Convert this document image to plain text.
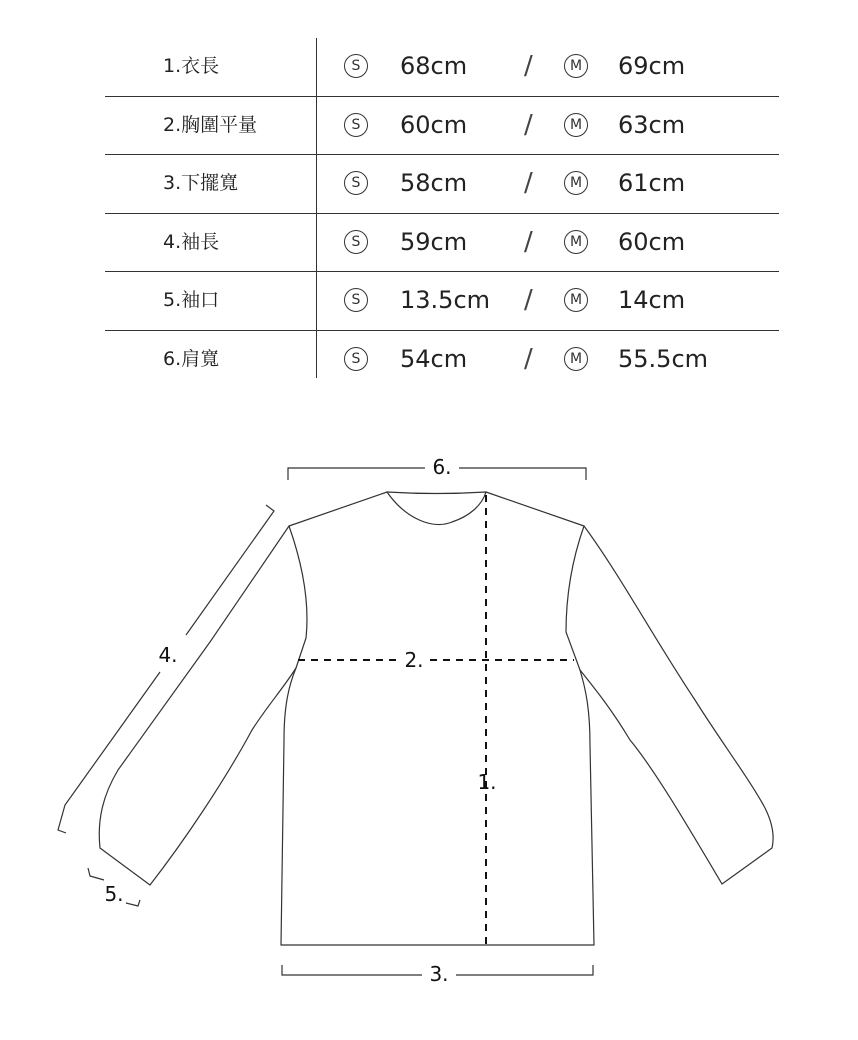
1.衣長	S	68cm /	M 69cm
2.胸圍平量	S	60cm /	M 63cm
3.下擺寬	S	58cm /	M 61cm
4.袖長	S	59cm /	M 60cm
5.袖口	S	13.5cm /	M 14cm
6.肩寬	S	54cm /	M 55.5cm
6.
2.
1.
3.
4.
5.
